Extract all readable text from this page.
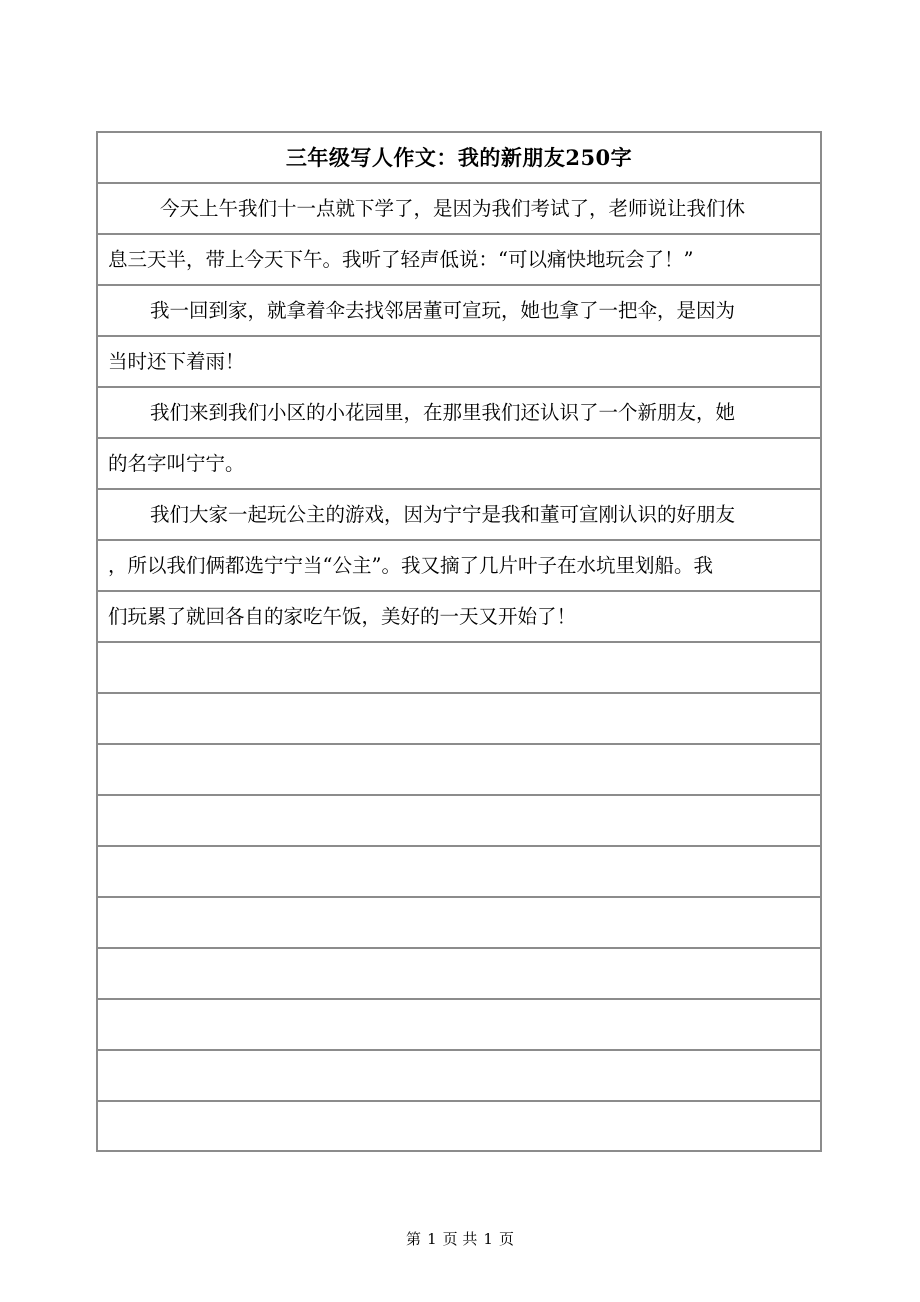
三年级写人作文：我的新朋友250字
今天上午我们十一点就下学了，是因为我们考试了，老师说让我们休
息三天半，带上今天下午。我听了轻声低说：“可以痛快地玩会了！”
我一回到家，就拿着伞去找邻居董可宣玩，她也拿了一把伞，是因为
当时还下着雨！
我们来到我们小区的小花园里，在那里我们还认识了一个新朋友，她
的名字叫宁宁。
我们大家一起玩公主的游戏，因为宁宁是我和董可宣刚认识的好朋友
，所以我们俩都选宁宁当“公主”。我又摘了几片叶子在水坑里划船。我
们玩累了就回各自的家吃午饭，美好的一天又开始了！
第 1 页 共 1 页
